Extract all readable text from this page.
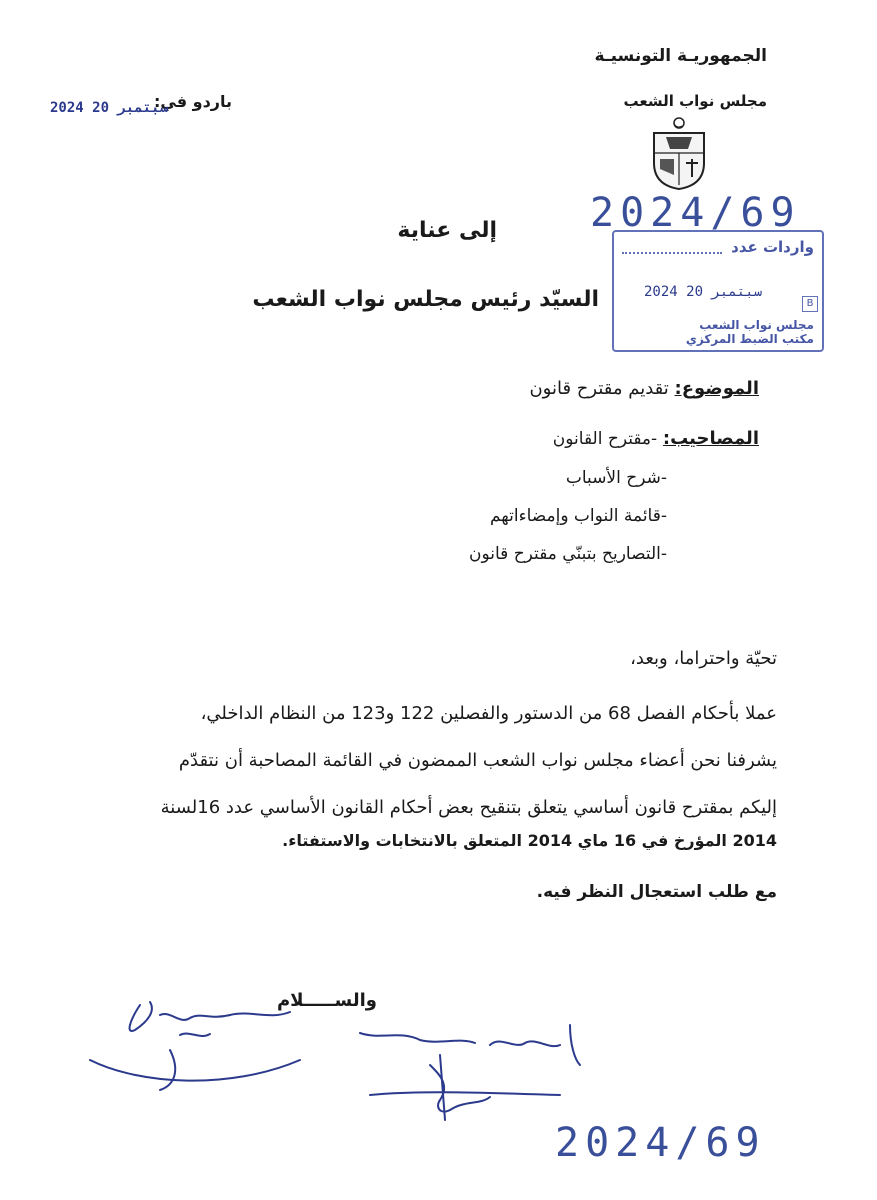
الجمهوريـة التونسيـة
مجلس نواب الشعب
باردو في:
2024 سبتمبر 20
2024/69
واردات عدد
2024 سبتمبر 20
B
مجلس نواب الشعب
مكتب الضبط المركزي
إلى عناية
السيّد رئيس مجلس نواب الشعب
الموضوع: تقديم مقترح قانون
المصاحيب: -مقترح القانون
-شرح الأسباب
-قائمة النواب وإمضاءاتهم
-التصاريح بتبنّي مقترح قانون
تحيّة واحتراما، وبعد،
عملا بأحكام الفصل 68 من الدستور والفصلين 122 و123 من النظام الداخلي،
يشرفنا نحن أعضاء مجلس نواب الشعب الممضون في القائمة المصاحبة أن نتقدّم
إليكم بمقترح قانون أساسي يتعلق بتنقيح بعض أحكام القانون الأساسي عدد 16لسنة
2014 المؤرخ في 16 ماي 2014 المتعلق بالانتخابات والاستفتاء.
مع طلب استعجال النظر فيه.
والســـــلام
2024/69
